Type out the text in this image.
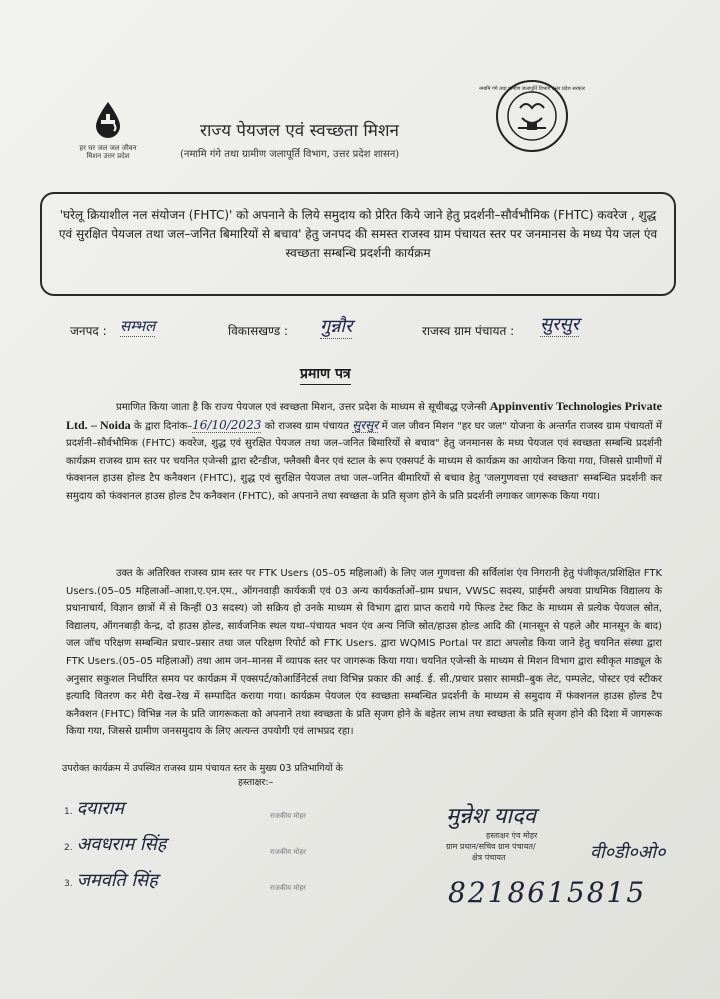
हर घर जल जल जीवन मिशन उत्तर प्रदेश
राज्य पेयजल एवं स्वच्छता मिशन
(नमामि गंगे तथा ग्रामीण जलापूर्ति विभाग, उत्तर प्रदेश शासन)
नमामि गंगे तथा ग्रामीण जलापूर्ति विभाग उत्तर प्रदेश सरकार
'घरेलू क्रियाशील नल संयोजन (FHTC)' को अपनाने के लिये समुदाय को प्रेरित किये जाने हेतु प्रदर्शनी–सौर्वभौमिक (FHTC) कवरेज , शुद्ध एवं सुरक्षित पेयजल तथा जल–जनित बिमारियों से बचाव' हेतु जनपद की समस्त राजस्व ग्राम पंचायत स्तर पर जनमानस के मध्य पेय जल एंव स्वच्छता सम्बन्धि प्रदर्शनी कार्यक्रम
जनपद : सम्भल	विकासखण्ड : गुन्नौर	राजस्व ग्राम पंचायत : सुरसुर
प्रमाण पत्र
प्रमाणित किया जाता है कि राज्य पेयजल एवं स्वच्छता मिशन, उत्तर प्रदेश के माध्यम से सूचीबद्ध एजेन्सी Appinventiv Technologies Private Ltd. – Noida के द्वारा दिनांक–16/10/2023 को राजस्व ग्राम पंचायत सुरसुर में जल जीवन मिशन "हर घर जल" योजना के अन्तर्गत राजस्व ग्राम पंचायतों में प्रदर्शनी–सौर्वभौमिक (FHTC) कवरेज, शुद्ध एवं सुरक्षित पेयजल तथा जल–जनित बिमारियों से बचाव" हेतु जनमानस के मध्य पेयजल एवं स्वच्छता सम्बन्धि प्रदर्शनी कार्यक्रम राजस्व ग्राम स्तर पर चयनित एजेन्सी द्वारा स्टैन्डीज, फ्लैक्सी बैनर एवं स्टाल के रूप एक्सपर्ट के माध्यम से कार्यक्रम का आयोजन किया गया, जिससे ग्रामीणों में फंक्शनल हाउस होल्ड टैप कनैक्शन (FHTC), शुद्ध एवं सुरक्षित पेयजल तथा जल–जनित बीमारियों से बचाव हेतु 'जलगुणवत्ता एवं स्वच्छता' सम्बन्धित प्रदर्शनी कर समुदाय को फंक्शनल हाउस होल्ड टैप कनैक्शन (FHTC), को अपनाने तथा स्वच्छता के प्रति सृजग होने के प्रति प्रदर्शनी लगाकर जागरूक किया गया।
उक्त के अतिरिक्त राजस्व ग्राम स्तर पर FTK Users (05–05 महिलाओं) के लिए जल गुणवत्ता की सर्विलांश एंव निगरानी हेतु पंजीकृत/प्रशिक्षित FTK Users.(05–05 महिलाओं–आशा,ए.एन.एम., ऑगनवाड़ी कार्यकत्री एवं 03 अन्य कार्यकर्ताओं–ग्राम प्रधान, VWSC सदस्य, प्राईमरी अथवा प्राथमिक विद्यालय के प्रधानाचार्य, विज्ञान छात्रों में से किन्हीं 03 सदस्य) जो सक्रिय हो उनके माध्यम से विभाग द्वारा प्राप्त कराये गये फिल्ड टेस्ट किट के माध्यम से प्रत्येक पेयजल स्रोत, विद्यालय, ऑगनबाड़ी केन्द्र, दो हाउस होल्ड, सार्वजनिक स्थल यथा–पंचायत भवन एंव अन्य निजि स्रोत/हाउस होल्ड आदि की (मानसून से पहले और मानसून के बाद) जल जॉच परिक्षण सम्बन्धित प्रचार–प्रसार तथा जल परिक्षण रिपोर्ट को FTK Users. द्वारा WQMIS Portal पर डाटा अपलोड किया जाने हेतु चयनित संस्था द्वारा FTK Users.(05–05 महिलाओं) तथा आम जन–मानस में व्यापक स्तर पर जागरूक किया गया। चयनित एजेन्सी के माध्यम से मिशन विभाग द्वारा स्वीकृत माड्यूल के अनुसार सकुशल निर्धारित समय पर कार्यक्रम में एक्सपर्ट/कोआर्डिनेटर्स तथा विभिन्न प्रकार की आई. ई. सी./प्रचार प्रसार सामग्री–बुक लेट, पम्पलेट, पोस्टर एवं स्टीकर इत्यादि वितरण कर मेरी देख–रेख में सम्पादित कराया गया। कार्यक्रम पेयजल एंव स्वच्छता सम्बन्धित प्रदर्शनी के माध्यम से समुदाय में फंक्शनल हाउस होल्ड टैप कनैक्शन (FHTC) विभिन्न नल के प्रति जागरूकता को अपनाने तथा स्वच्छता के प्रति सृजग होने के बहेतर लाभ तथा स्वच्छता के प्रति सृजग होने की दिशा में जागरूक किया गया, जिससे ग्रामीण जनसमुदाय के लिए अत्यन्त उपयोगी एवं लाभप्रद रहा।
उपरोक्त कार्यक्रम में उपस्थित राजस्व ग्राम पंचायत स्तर के मुख्य 03 प्रतिभागियों के
हस्ताक्षर:–
1. दयाराम
2. अवधराम सिंह
3. जमवति सिंह
राजकीय मोहर
राजकीय मोहर
राजकीय मोहर
मुन्नेश यादव
हस्ताक्षर एंव मोहर
ग्राम प्रधान/सचिव ग्राम पंचायत/
क्षेत्र पंचायत	वी०डी०ओ०
8218615815
